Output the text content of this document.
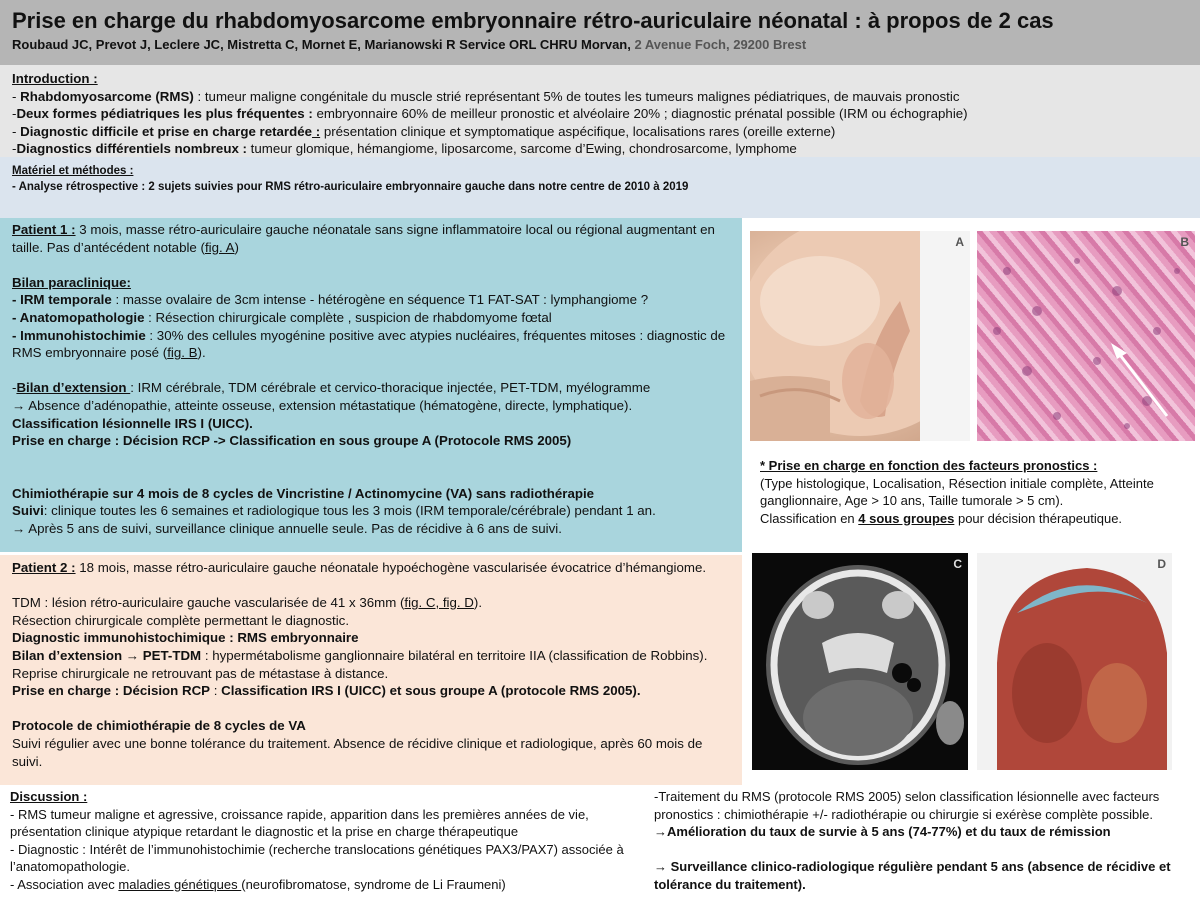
Prise en charge du rhabdomyosarcome embryonnaire rétro-auriculaire néonatal : à propos de 2 cas
Roubaud JC, Prevot J, Leclere JC, Mistretta C, Mornet E, Marianowski R Service ORL CHRU Morvan, 2 Avenue Foch, 29200 Brest
Introduction :
- Rhabdomyosarcome (RMS) : tumeur maligne congénitale du muscle strié représentant 5% de toutes les tumeurs malignes pédiatriques, de mauvais pronostic
-Deux formes pédiatriques les plus fréquentes : embryonnaire 60% de meilleur pronostic et alvéolaire 20% ; diagnostic prénatal possible (IRM ou échographie)
- Diagnostic difficile et prise en charge retardée : présentation clinique et symptomatique aspécifique, localisations rares (oreille externe)
-Diagnostics différentiels nombreux : tumeur glomique, hémangiome, liposarcome, sarcome d’Ewing, chondrosarcome, lymphome
Matériel et méthodes :
- Analyse rétrospective : 2 sujets suivies pour RMS rétro-auriculaire embryonnaire gauche dans notre centre de 2010 à 2019
Patient 1 : 3 mois, masse rétro-auriculaire gauche néonatale sans signe inflammatoire local ou régional augmentant en taille. Pas d’antécédent notable (fig. A)
Bilan paraclinique:
- IRM temporale : masse ovalaire de 3cm intense - hétérogène en séquence T1 FAT-SAT : lymphangiome ?
- Anatomopathologie : Résection chirurgicale complète , suspicion de rhabdomyome fœtal
- Immunohistochimie : 30% des cellules myogénine positive avec atypies nucléaires, fréquentes mitoses : diagnostic de RMS embryonnaire posé (fig. B).
-Bilan d’extension : IRM cérébrale, TDM cérébrale et cervico-thoracique injectée, PET-TDM, myélogramme
→ Absence d’adénopathie, atteinte osseuse, extension métastatique (hématogène, directe, lymphatique).
Classification lésionnelle IRS I (UICC).
Prise en charge : Décision RCP -> Classification en sous groupe A (Protocole RMS 2005)
Chimiothérapie sur 4 mois de 8 cycles de Vincristine / Actinomycine (VA) sans radiothérapie
Suivi: clinique toutes les 6 semaines et radiologique tous les 3 mois (IRM temporale/cérébrale) pendant 1 an.
→ Après 5 ans de suivi, surveillance clinique annuelle seule. Pas de récidive à 6 ans de suivi.
A	B
* Prise en charge en fonction des facteurs pronostics :
(Type histologique, Localisation, Résection initiale complète, Atteinte ganglionnaire, Age > 10 ans, Taille tumorale > 5 cm).
Classification en 4 sous groupes pour décision thérapeutique.
Patient 2 : 18 mois, masse rétro-auriculaire gauche néonatale hypoéchogène vascularisée évocatrice d’hémangiome.
TDM : lésion rétro-auriculaire gauche vascularisée de 41 x 36mm (fig. C, fig. D).
Résection chirurgicale complète permettant le diagnostic.
Diagnostic immunohistochimique : RMS embryonnaire
Bilan d’extension → PET-TDM : hypermétabolisme ganglionnaire bilatéral en territoire IIA (classification de Robbins).
Reprise chirurgicale ne retrouvant pas de métastase à distance.
Prise en charge : Décision RCP : Classification IRS I (UICC) et sous groupe A (protocole RMS 2005).
Protocole de chimiothérapie de 8 cycles de VA
Suivi régulier avec une bonne tolérance du traitement. Absence de récidive clinique et radiologique, après 60 mois de suivi.
C	D
Discussion :
- RMS tumeur maligne et agressive, croissance rapide, apparition dans les premières années de vie, présentation clinique atypique retardant le diagnostic et la prise en charge thérapeutique
- Diagnostic : Intérêt de l’immunohistochimie (recherche translocations génétiques PAX3/PAX7) associée à l’anatomopathologie.
- Association avec maladies génétiques (neurofibromatose, syndrome de Li Fraumeni)
-Traitement du RMS (protocole RMS 2005) selon classification lésionnelle avec facteurs pronostics : chimiothérapie +/- radiothérapie ou chirurgie si exérèse complète possible.
→Amélioration du taux de survie à 5 ans (74-77%) et du taux de rémission
→ Surveillance clinico-radiologique régulière pendant 5 ans (absence de récidive et tolérance du traitement).
